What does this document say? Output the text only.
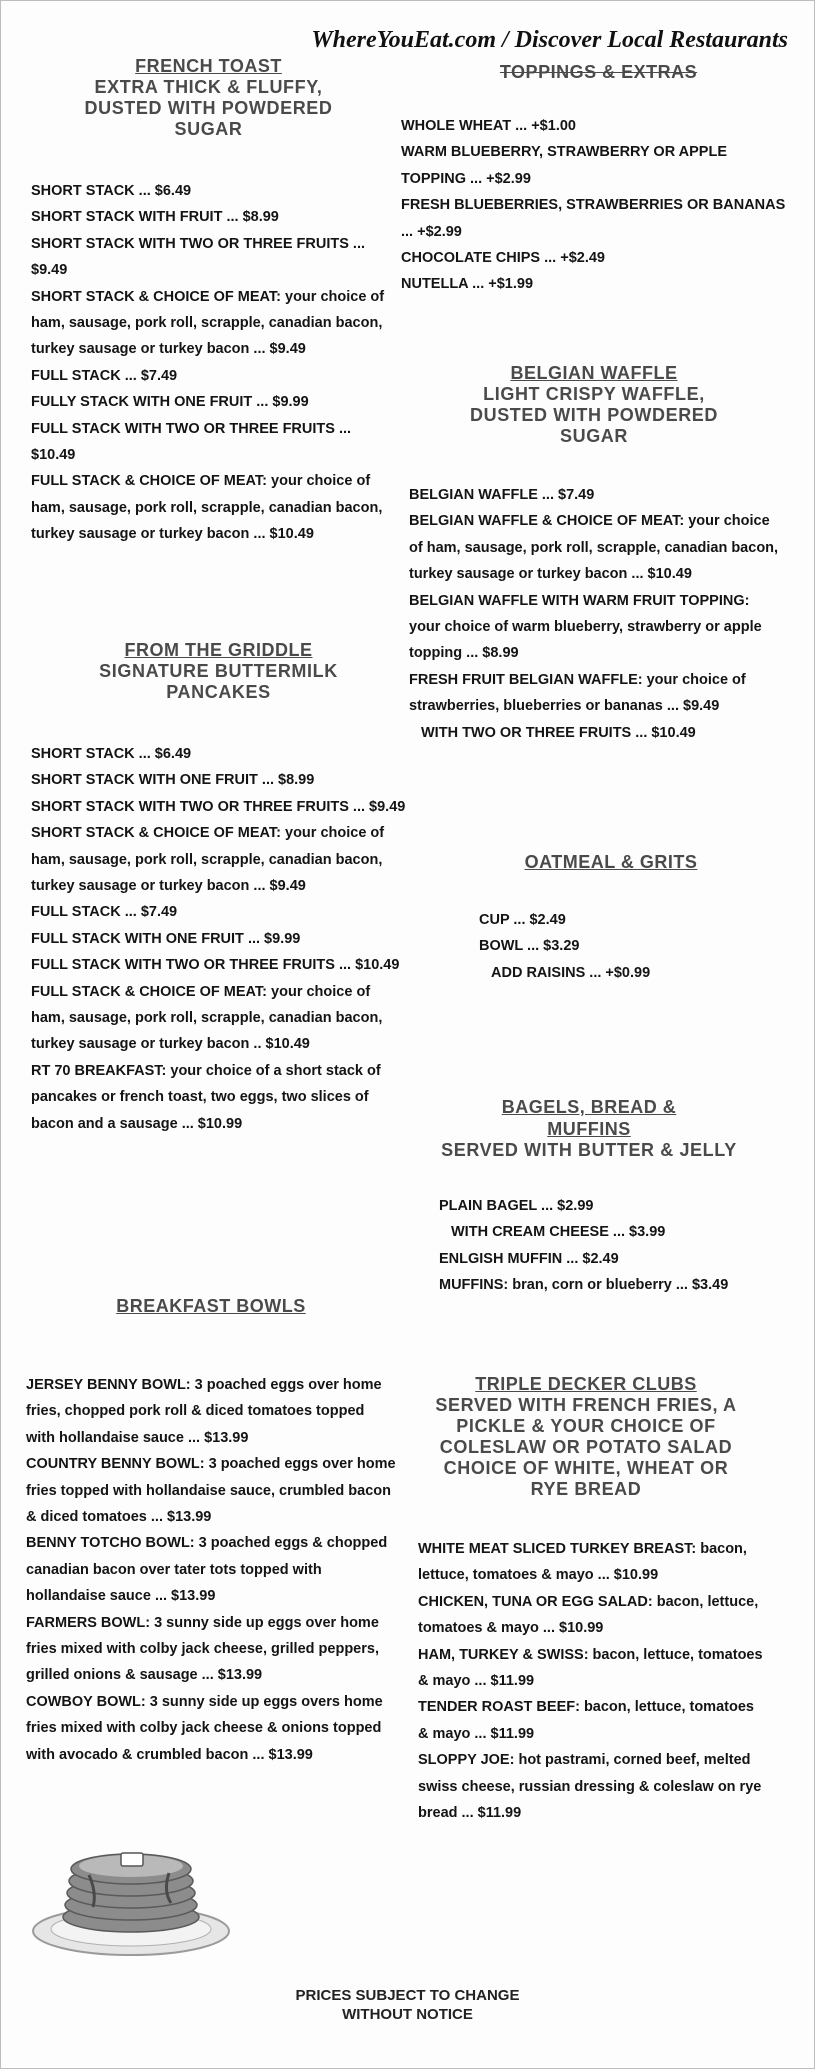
WhereYouEat.com / Discover Local Restaurants
FRENCH TOAST
EXTRA THICK & FLUFFY, DUSTED WITH POWDERED SUGAR
SHORT STACK ... $6.49
SHORT STACK WITH FRUIT ... $8.99
SHORT STACK WITH TWO OR THREE FRUITS ... $9.49
SHORT STACK & CHOICE OF MEAT: your choice of ham, sausage, pork roll, scrapple, canadian bacon, turkey sausage or turkey bacon ... $9.49
FULL STACK ... $7.49
FULLY STACK WITH ONE FRUIT ... $9.99
FULL STACK WITH TWO OR THREE FRUITS ... $10.49
FULL STACK & CHOICE OF MEAT: your choice of ham, sausage, pork roll, scrapple, canadian bacon, turkey sausage or turkey bacon ... $10.49
FROM THE GRIDDLE
SIGNATURE BUTTERMILK PANCAKES
SHORT STACK ... $6.49
SHORT STACK WITH ONE FRUIT ... $8.99
SHORT STACK WITH TWO OR THREE FRUITS ... $9.49
SHORT STACK & CHOICE OF MEAT: your choice of ham, sausage, pork roll, scrapple, canadian bacon, turkey sausage or turkey bacon ... $9.49
FULL STACK ... $7.49
FULL STACK WITH ONE FRUIT ... $9.99
FULL STACK WITH TWO OR THREE FRUITS ... $10.49
FULL STACK & CHOICE OF MEAT: your choice of ham, sausage, pork roll, scrapple, canadian bacon, turkey sausage or turkey bacon .. $10.49
RT 70 BREAKFAST: your choice of a short stack of pancakes or french toast, two eggs, two slices of bacon and a sausage ... $10.99
BREAKFAST BOWLS
JERSEY BENNY BOWL: 3 poached eggs over home fries, chopped pork roll & diced tomatoes topped with hollandaise sauce ... $13.99
COUNTRY BENNY BOWL: 3 poached eggs over home fries topped with hollandaise sauce, crumbled bacon & diced tomatoes ... $13.99
BENNY TOTCHO BOWL: 3 poached eggs & chopped canadian bacon over tater tots topped with hollandaise sauce ... $13.99
FARMERS BOWL: 3 sunny side up eggs over home fries mixed with colby jack cheese, grilled peppers, grilled onions & sausage ... $13.99
COWBOY BOWL: 3 sunny side up eggs overs home fries mixed with colby jack cheese & onions topped with avocado & crumbled bacon ... $13.99
TOPPINGS & EXTRAS
WHOLE WHEAT ... +$1.00
WARM BLUEBERRY, STRAWBERRY OR APPLE TOPPING ... +$2.99
FRESH BLUEBERRIES, STRAWBERRIES OR BANANAS ... +$2.99
CHOCOLATE CHIPS ... +$2.49
NUTELLA ... +$1.99
BELGIAN WAFFLE
LIGHT CRISPY WAFFLE, DUSTED WITH POWDERED SUGAR
BELGIAN WAFFLE ... $7.49
BELGIAN WAFFLE & CHOICE OF MEAT: your choice of ham, sausage, pork roll, scrapple, canadian bacon, turkey sausage or turkey bacon ... $10.49
BELGIAN WAFFLE WITH WARM FRUIT TOPPING: your choice of warm blueberry, strawberry or apple topping ... $8.99
FRESH FRUIT BELGIAN WAFFLE: your choice of strawberries, blueberries or bananas ... $9.49
WITH TWO OR THREE FRUITS ... $10.49
OATMEAL & GRITS
CUP ... $2.49
BOWL ... $3.29
ADD RAISINS ... +$0.99
BAGELS, BREAD & MUFFINS
SERVED WITH BUTTER & JELLY
PLAIN BAGEL ... $2.99
WITH CREAM CHEESE ... $3.99
ENLGISH MUFFIN ... $2.49
MUFFINS: bran, corn or blueberry ... $3.49
TRIPLE DECKER CLUBS
SERVED WITH FRENCH FRIES, A PICKLE & YOUR CHOICE OF COLESLAW OR POTATO SALAD CHOICE OF WHITE, WHEAT OR RYE BREAD
WHITE MEAT SLICED TURKEY BREAST: bacon, lettuce, tomatoes & mayo ... $10.99
CHICKEN, TUNA OR EGG SALAD: bacon, lettuce, tomatoes & mayo ... $10.99
HAM, TURKEY & SWISS: bacon, lettuce, tomatoes & mayo ... $11.99
TENDER ROAST BEEF: bacon, lettuce, tomatoes & mayo ... $11.99
SLOPPY JOE: hot pastrami, corned beef, melted swiss cheese, russian dressing & coleslaw on rye bread ... $11.99
PRICES SUBJECT TO CHANGE
WITHOUT NOTICE
